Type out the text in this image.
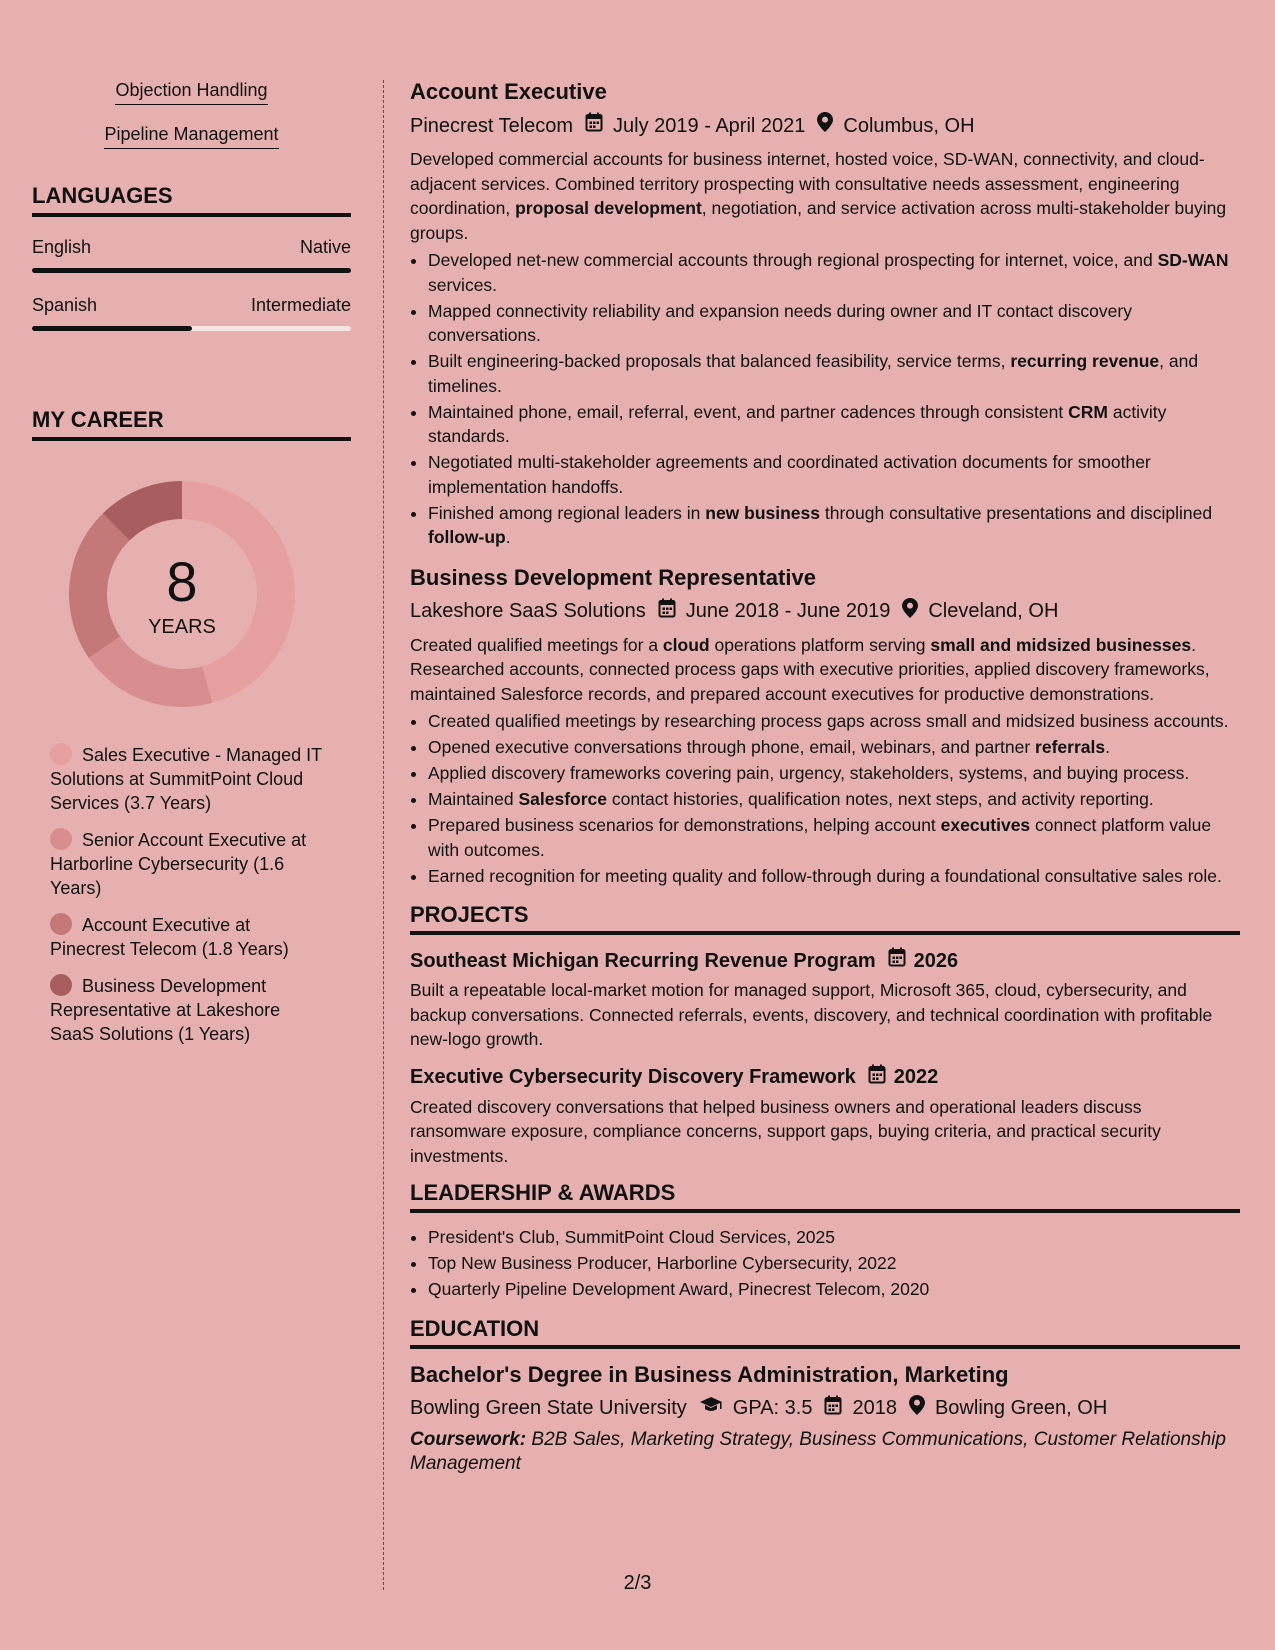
Objection Handling
Pipeline Management
LANGUAGES
English	Native
Spanish	Intermediate
MY CAREER
8
YEARS
Sales Executive - Managed IT Solutions at SummitPoint Cloud Services (3.7 Years)
Senior Account Executive at Harborline Cybersecurity (1.6 Years)
Account Executive at Pinecrest Telecom (1.8 Years)
Business Development Representative at Lakeshore SaaS Solutions (1 Years)
Account Executive
Pinecrest Telecom July 2019 - April 2021 Columbus, OH
Developed commercial accounts for business internet, hosted voice, SD-WAN, connectivity, and cloud-adjacent services. Combined territory prospecting with consultative needs assessment, engineering coordination, proposal development, negotiation, and service activation across multi-stakeholder buying groups.
• Developed net-new commercial accounts through regional prospecting for internet, voice, and SD-WAN services.
• Mapped connectivity reliability and expansion needs during owner and IT contact discovery conversations.
• Built engineering-backed proposals that balanced feasibility, service terms, recurring revenue, and timelines.
• Maintained phone, email, referral, event, and partner cadences through consistent CRM activity standards.
• Negotiated multi-stakeholder agreements and coordinated activation documents for smoother implementation handoffs.
• Finished among regional leaders in new business through consultative presentations and disciplined follow-up.
Business Development Representative
Lakeshore SaaS Solutions June 2018 - June 2019 Cleveland, OH
Created qualified meetings for a cloud operations platform serving small and midsized businesses. Researched accounts, connected process gaps with executive priorities, applied discovery frameworks, maintained Salesforce records, and prepared account executives for productive demonstrations.
• Created qualified meetings by researching process gaps across small and midsized business accounts.
• Opened executive conversations through phone, email, webinars, and partner referrals.
• Applied discovery frameworks covering pain, urgency, stakeholders, systems, and buying process.
• Maintained Salesforce contact histories, qualification notes, next steps, and activity reporting.
• Prepared business scenarios for demonstrations, helping account executives connect platform value with outcomes.
• Earned recognition for meeting quality and follow-through during a foundational consultative sales role.
PROJECTS
Southeast Michigan Recurring Revenue Program 2026
Built a repeatable local-market motion for managed support, Microsoft 365, cloud, cybersecurity, and backup conversations. Connected referrals, events, discovery, and technical coordination with profitable new-logo growth.
Executive Cybersecurity Discovery Framework 2022
Created discovery conversations that helped business owners and operational leaders discuss ransomware exposure, compliance concerns, support gaps, buying criteria, and practical security investments.
LEADERSHIP & AWARDS
• President's Club, SummitPoint Cloud Services, 2025
• Top New Business Producer, Harborline Cybersecurity, 2022
• Quarterly Pipeline Development Award, Pinecrest Telecom, 2020
EDUCATION
Bachelor's Degree in Business Administration, Marketing
Bowling Green State University GPA: 3.5 2018 Bowling Green, OH
Coursework: B2B Sales, Marketing Strategy, Business Communications, Customer Relationship Management
2/3
